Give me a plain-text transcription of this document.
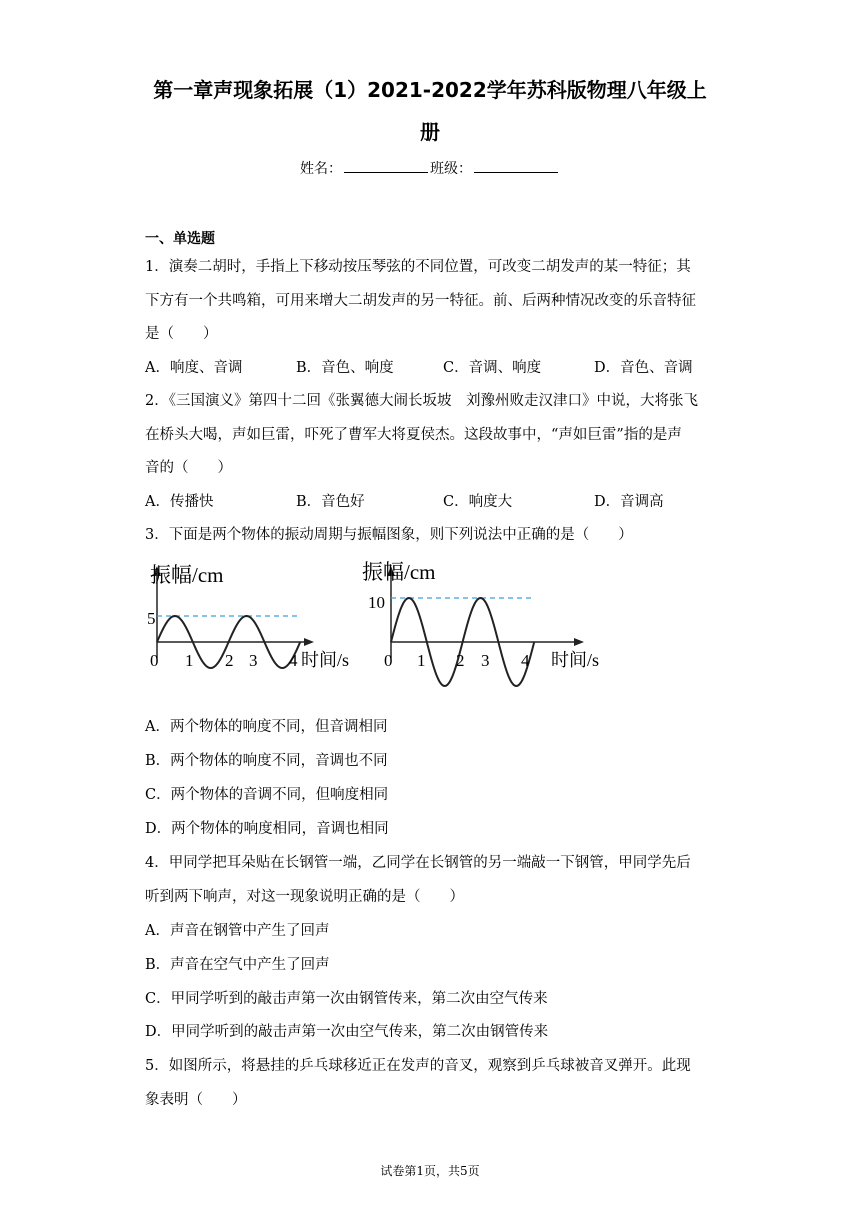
第一章声现象拓展（1）2021-2022学年苏科版物理八年级上
册
姓名：	班级：
一、单选题
1．演奏二胡时，手指上下移动按压琴弦的不同位置，可改变二胡发声的某一特征；其
下方有一个共鸣箱，可用来增大二胡发声的另一特征。前、后两种情况改变的乐音特征
是（　　）
A．响度、音调	B．音色、响度	C．音调、响度	D．音色、音调
2．《三国演义》第四十二回《张翼德大闹长坂坡　刘豫州败走汉津口》中说，大将张飞
在桥头大喝，声如巨雷，吓死了曹军大将夏侯杰。这段故事中，“声如巨雷”指的是声
音的（　　）
A．传播快	B．音色好	C．响度大	D．音调高
3．下面是两个物体的振动周期与振幅图象，则下列说法中正确的是（　　）
振幅/cm
5
0 1 2 3 4 时间/s
振幅/cm
10
0 1 2 3 4 时间/s
A．两个物体的响度不同，但音调相同
B．两个物体的响度不同，音调也不同
C．两个物体的音调不同，但响度相同
D．两个物体的响度相同，音调也相同
4．甲同学把耳朵贴在长钢管一端，乙同学在长钢管的另一端敲一下钢管，甲同学先后
听到两下响声，对这一现象说明正确的是（　　）
A．声音在钢管中产生了回声
B．声音在空气中产生了回声
C．甲同学听到的敲击声第一次由钢管传来，第二次由空气传来
D．甲同学听到的敲击声第一次由空气传来，第二次由钢管传来
5．如图所示，将悬挂的乒乓球移近正在发声的音叉，观察到乒乓球被音叉弹开。此现
象表明（　　）
试卷第1页，共5页
